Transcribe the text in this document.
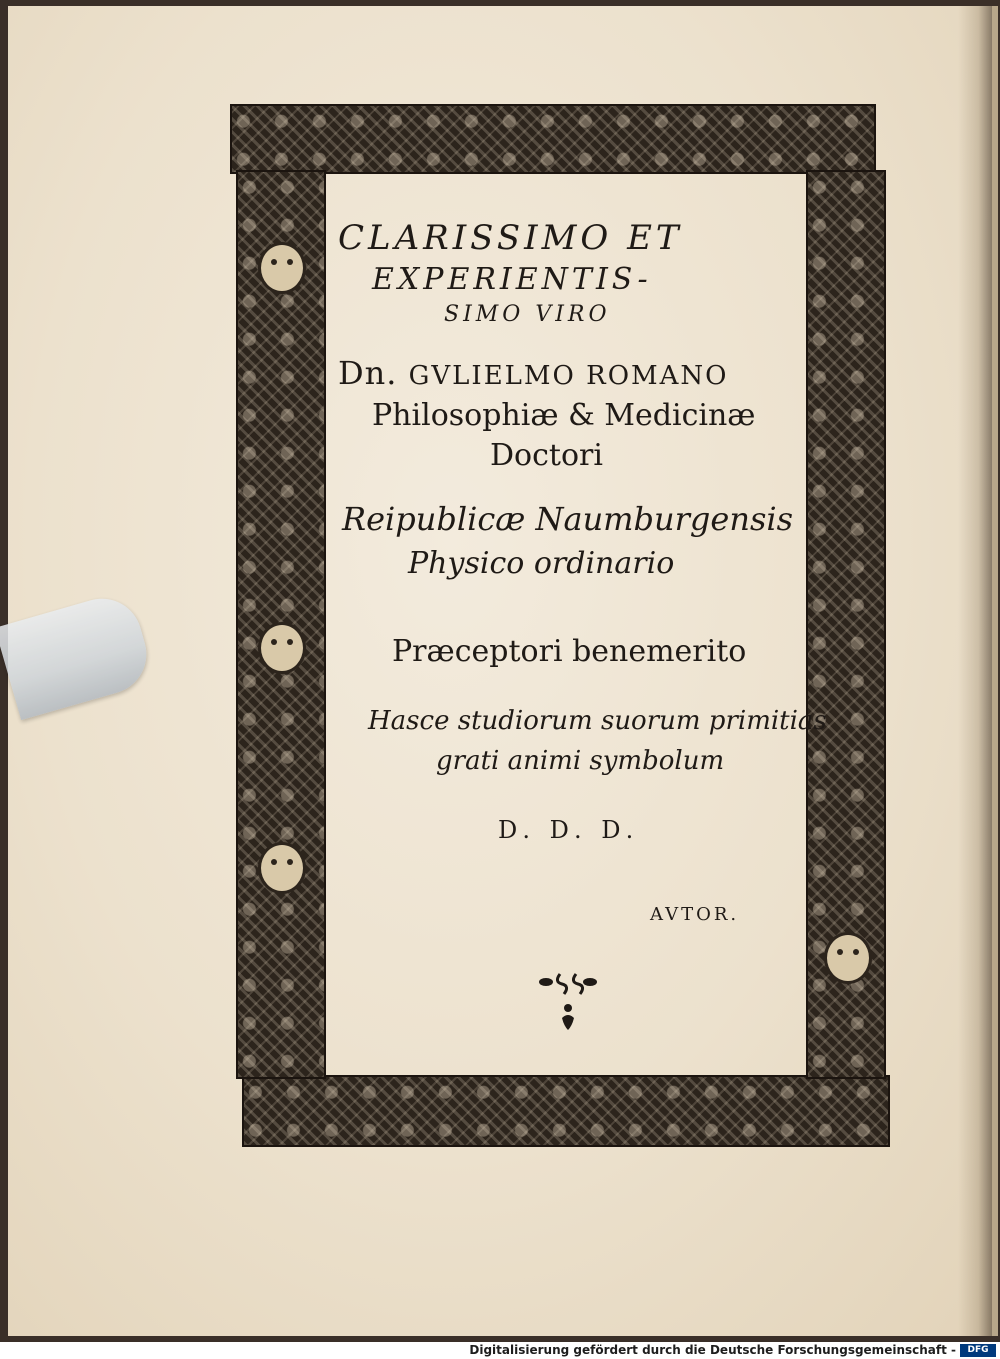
CLARISSIMO ET
EXPERIENTIS-
SIMO VIRO
Dn. GVLIELMO ROMANO
Philosophiæ & Medicinæ
Doctori
Reipublicæ Naumburgensis
Physico ordinario
Præceptori benemerito
Hasce studiorum suorum primitias
grati animi symbolum
D. D. D.
AVTOR.
Digitalisierung gefördert durch die Deutsche Forschungsgemeinschaft -	DFG
